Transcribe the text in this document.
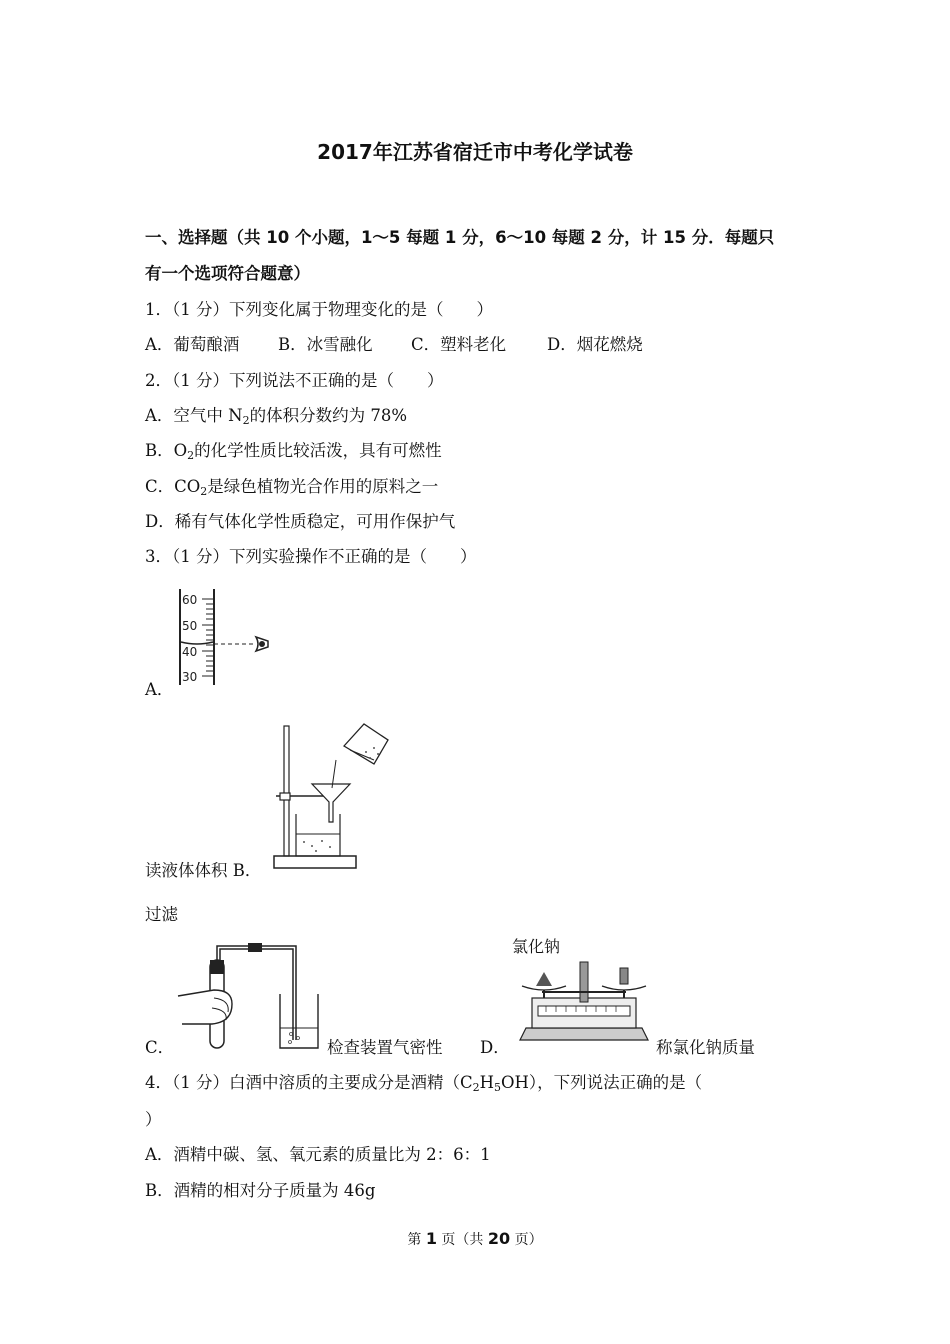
2017年江苏省宿迁市中考化学试卷
一、选择题（共 10 个小题，1～5 每题 1 分，6～10 每题 2 分，计 15 分．每题只
有一个选项符合题意）
1．（1 分）下列变化属于物理变化的是（　　）
A．葡萄酿酒 B．冰雪融化 C．塑料老化 D．烟花燃烧
2．（1 分）下列说法不正确的是（　　）
A．空气中 $N_2$的体积分数约为 78%
B．$O_2$的化学性质比较活泼，具有可燃性
C．$CO_2$是绿色植物光合作用的原料之一
D．稀有气体化学性质稳定，可用作保护气
3．（1 分）下列实验操作不正确的是（　　）
A．
60
50
40
30
读液体体积 B．
过滤
C．	检查装置气密性 D．
氯化钠
称氯化钠质量
4．（1 分）白酒中溶质的主要成分是酒精$(C_2H_5OH)$，下列说法正确的是（
）
A．酒精中碳、氢、氧元素的质量比为 2：6：1
B．酒精的相对分子质量为 46g
第 1 页（共 20 页）
